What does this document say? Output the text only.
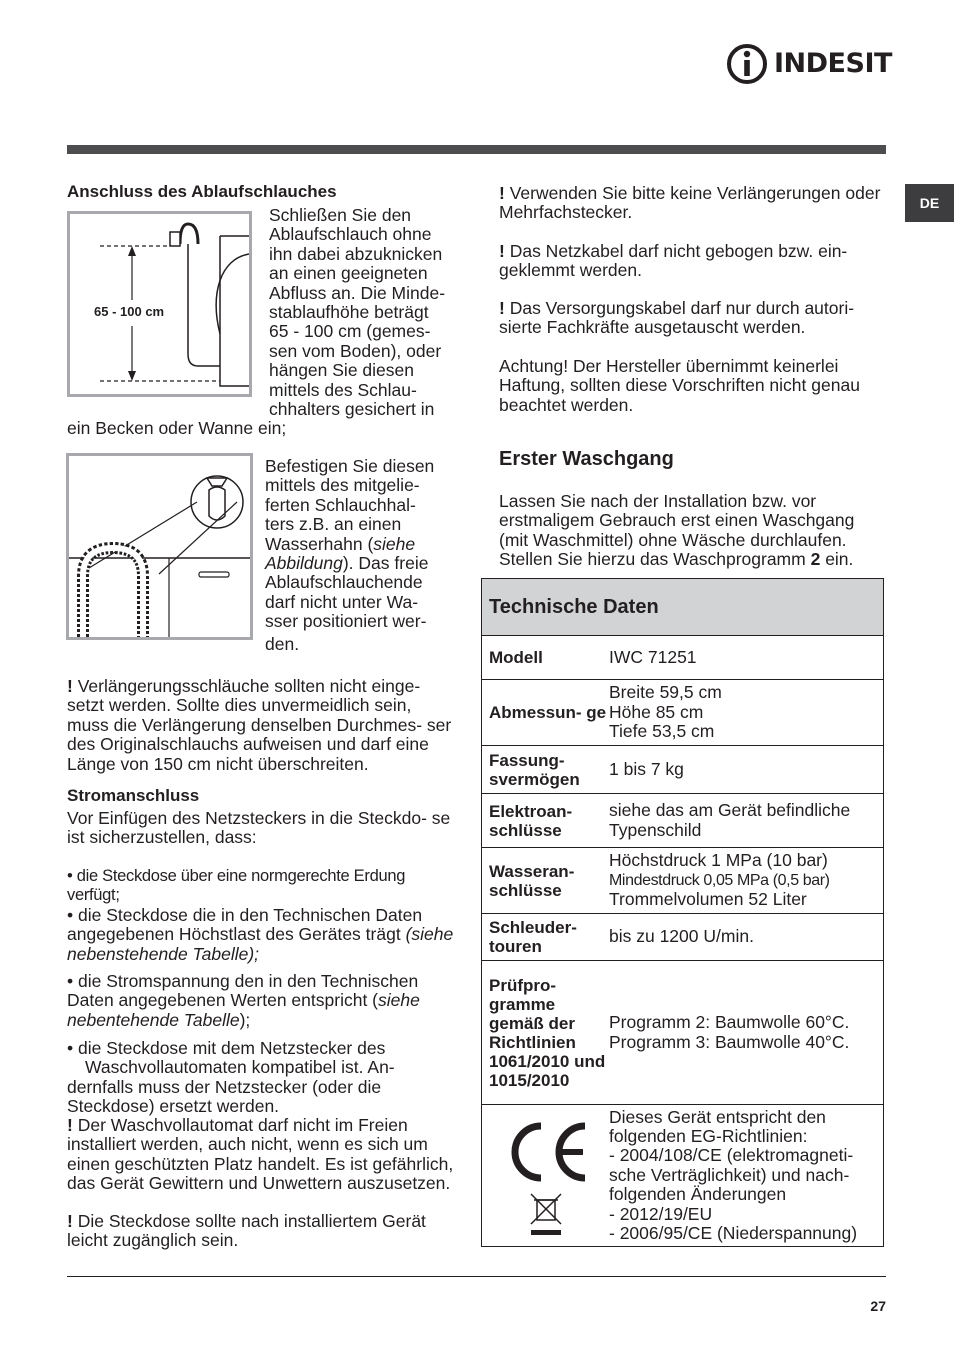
INDESIT
DE
Anschluss des Ablaufschlauches
65 - 100 cm

Schließen Sie den

Ablaufschlauch ohne

ihn dabei abzuknicken

an einen geeigneten

Abfluss an. Die Minde-

stablaufhöhe beträgt

65 - 100 cm (gemes-

sen vom Boden), oder

hängen Sie diesen

mittels des Schlau-

chhalters gesichert in

ein Becken oder Wanne ein;

Befestigen Sie diesen

mittels des mitgelie-

ferten Schlauchhal-

ters z.B. an einen

Wasserhahn (siehe

Abbildung). Das freie

Ablaufschlauchende

darf nicht unter Wa-

sser positioniert wer-

den.

! Verlängerungsschläuche sollten nicht einge- setzt werden. Sollte dies unvermeidlich sein, muss die Verlängerung denselben Durchmes- ser des Originalschlauchs aufweisen und darf eine Länge von 150 cm nicht überschreiten.
Stromanschluss
Vor Einfügen des Netzsteckers in die Steckdo- se ist sicherzustellen, dass:
• die Steckdose über eine normgerechte Erdung verfügt;
• die Steckdose die in den Technischen Daten angegebenen Höchstlast des Gerätes trägt (siehe nebenstehende Tabelle);
• die Stromspannung den in den Technischen Daten angegebenen Werten entspricht (siehe nebentehende Tabelle);

• die Steckdose mit dem Netzstecker des

Waschvollautomaten kompatibel ist. An-

dernfalls muss der Netzstecker (oder die Steckdose) ersetzt werden.

! Der Waschvollautomat darf nicht im Freien installiert werden, auch nicht, wenn es sich um einen geschützten Platz handelt. Es ist gefährlich, das Gerät Gewittern und Unwettern auszusetzen.
! Die Steckdose sollte nach installiertem Gerät leicht zugänglich sein.
! Verwenden Sie bitte keine Verlängerungen oder Mehrfachstecker.
! Das Netzkabel darf nicht gebogen bzw. ein- geklemmt werden.
! Das Versorgungskabel darf nur durch autori- sierte Fachkräfte ausgetauscht werden.
Achtung! Der Hersteller übernimmt keinerlei Haftung, sollten diese Vorschriften nicht genau beachtet werden.
Erster Waschgang
Lassen Sie nach der Installation bzw. vor erstmaligem Gebrauch erst einen Waschgang (mit Waschmittel) ohne Wäsche durchlaufen. Stellen Sie hierzu das Waschprogramm 2 ein.
Technische Daten
Modell	IWC 71251
Abmessun- ge
Breite 59,5 cm
Höhe 85 cm
Tiefe 53,5 cm
Fassung- svermögen
1 bis 7 kg
Elektroan- schlüsse
siehe das am Gerät befindliche
Typenschild
Wasseran- schlüsse
Höchstdruck 1 MPa (10 bar)
Mindestdruck 0,05 MPa (0,5 bar)
Trommelvolumen 52 Liter
Schleuder- touren
bis zu 1200 U/min.
Prüfpro- gramme gemäß der Richtlinien 1061/2010 und 1015/2010
Programm 2: Baumwolle 60°C.
Programm 3: Baumwolle 40°C.
Dieses Gerät entspricht den
folgenden EG-Richtlinien:
- 2004/108/CE (elektromagneti-
sche Verträglichkeit) und nach-
folgenden Änderungen
- 2012/19/EU
- 2006/95/CE (Niederspannung)
27
